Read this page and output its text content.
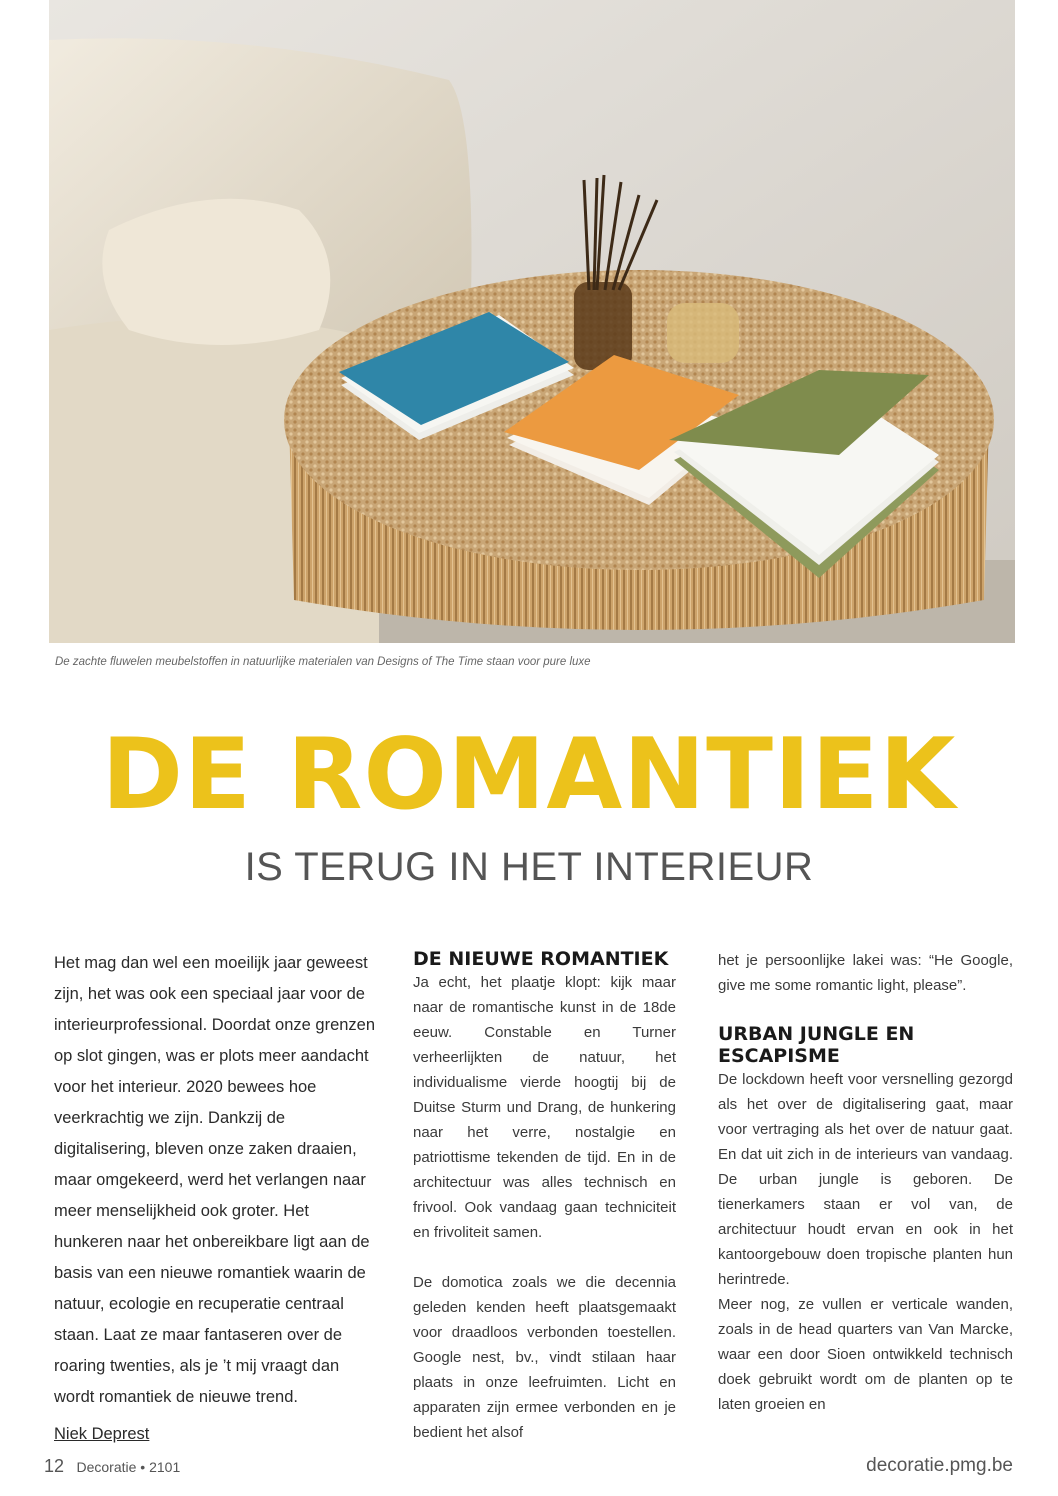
De zachte fluwelen meubelstoffen in natuurlijke materialen van Designs of The Time staan voor pure luxe
DE ROMANTIEK
IS TERUG IN HET INTERIEUR

Het mag dan wel een moeilijk jaar geweest zijn, het was ook een speciaal jaar voor de interieurprofessional. Doordat onze grenzen op slot gingen, was er plots meer aandacht voor het interieur. 2020 bewees hoe veerkrachtig we zijn. Dankzij de digitalisering, bleven onze zaken draaien, maar omgekeerd, werd het verlangen naar meer menselijkheid ook groter. Het hunkeren naar het onbereikbare ligt aan de basis van een nieuwe romantiek waarin de natuur, ecologie en recuperatie centraal staan. Laat ze maar fantaseren over de roaring twenties, als je ’t mij vraagt dan wordt romantiek de nieuwe trend.

Niek Deprest
DE NIEUWE ROMANTIEK

Ja echt, het plaatje klopt: kijk maar naar de romantische kunst in de 18de eeuw. Constable en Turner verheerlijkten de natuur, het individualisme vierde hoogtij bij de Duitse Sturm und Drang, de hunkering naar het verre, nostalgie en patriottisme tekenden de tijd. En in de architectuur was alles technisch en frivool. Ook vandaag gaan techniciteit en frivoliteit samen.

De domotica zoals we die decennia geleden kenden heeft plaatsgemaakt voor draadloos verbonden toestellen. Google nest, bv., vindt stilaan haar plaats in onze leefruimten. Licht en apparaten zijn ermee verbonden en je bedient het alsof

het je persoonlijke lakei was: “He Google, give me some romantic light, please”.

URBAN JUNGLE EN ESCAPISME

De lockdown heeft voor versnelling gezorgd als het over de digitalisering gaat, maar voor vertraging als het over de natuur gaat. En dat uit zich in de interieurs van vandaag. De urban jungle is geboren. De tienerkamers staan er vol van, de architectuur houdt ervan en ook in het kantoorgebouw doen tropische planten hun herintrede.

Meer nog, ze vullen er verticale wanden, zoals in de head quarters van Van Marcke, waar een door Sioen ontwikkeld technisch doek gebruikt wordt om de planten op te laten groeien en

12 Decoratie • 2101	decoratie.pmg.be
